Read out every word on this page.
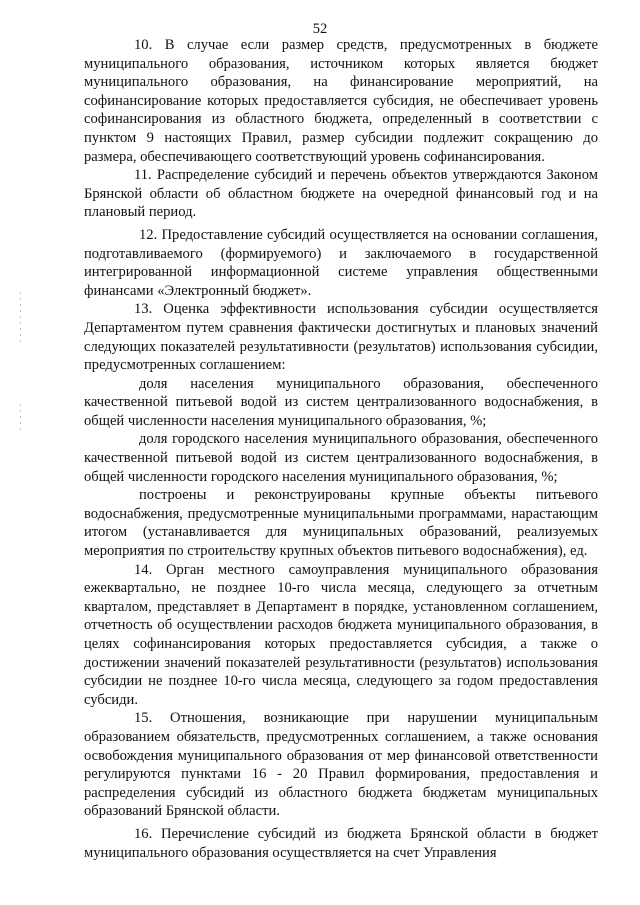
52

10. В случае если размер средств, предусмотренных в бюджете муниципального образования, источником которых является бюджет муниципального образования, на финансирование мероприятий, на софинансирование которых предоставляется субсидия, не обеспечивает уровень софинансирования из областного бюджета, определенный в соответствии с пунктом 9 настоящих Правил, размер субсидии подлежит сокращению до размера, обеспечивающего соответствующий уровень софинансирования.

11. Распределение субсидий и перечень объектов утверждаются Законом Брянской области об областном бюджете на очередной финансовый год и на плановый период.

12. Предоставление субсидий осуществляется на основании соглашения, подготавливаемого (формируемого) и заключаемого в государственной интегрированной информационной системе управления общественными финансами «Электронный бюджет».

13. Оценка эффективности использования субсидии осуществляется Департаментом путем сравнения фактически достигнутых и плановых значений следующих показателей результативности (результатов) использования субсидии, предусмотренных соглашением:

доля населения муниципального образования, обеспеченного качественной питьевой водой из систем централизованного водоснабжения, в общей численности населения муниципального образования, %;

доля городского населения муниципального образования, обеспеченного качественной питьевой водой из систем централизованного водоснабжения, в общей численности городского населения муниципального образования, %;

построены и реконструированы крупные объекты питьевого водоснабжения, предусмотренные муниципальными программами, нарастающим итогом (устанавливается для муниципальных образований, реализуемых мероприятия по строительству крупных объектов питьевого водоснабжения), ед.

14. Орган местного самоуправления муниципального образования ежеквартально, не позднее 10-го числа месяца, следующего за отчетным кварталом, представляет в Департамент в порядке, установленном соглашением, отчетность об осуществлении расходов бюджета муниципального образования, в целях софинансирования которых предоставляется субсидия, а также о достижении значений показателей результативности (результатов) использования субсидии не позднее 10-го числа месяца, следующего за годом предоставления субсиди.

15. Отношения, возникающие при нарушении муниципальным образованием обязательств, предусмотренных соглашением, а также основания освобождения муниципального образования от мер финансовой ответственности регулируются пунктами 16 - 20 Правил формирования, предоставления и распределения субсидий из областного бюджета бюджетам муниципальных образований Брянской области.

16. Перечисление субсидий из бюджета Брянской области в бюджет муниципального образования осуществляется на счет Управления
